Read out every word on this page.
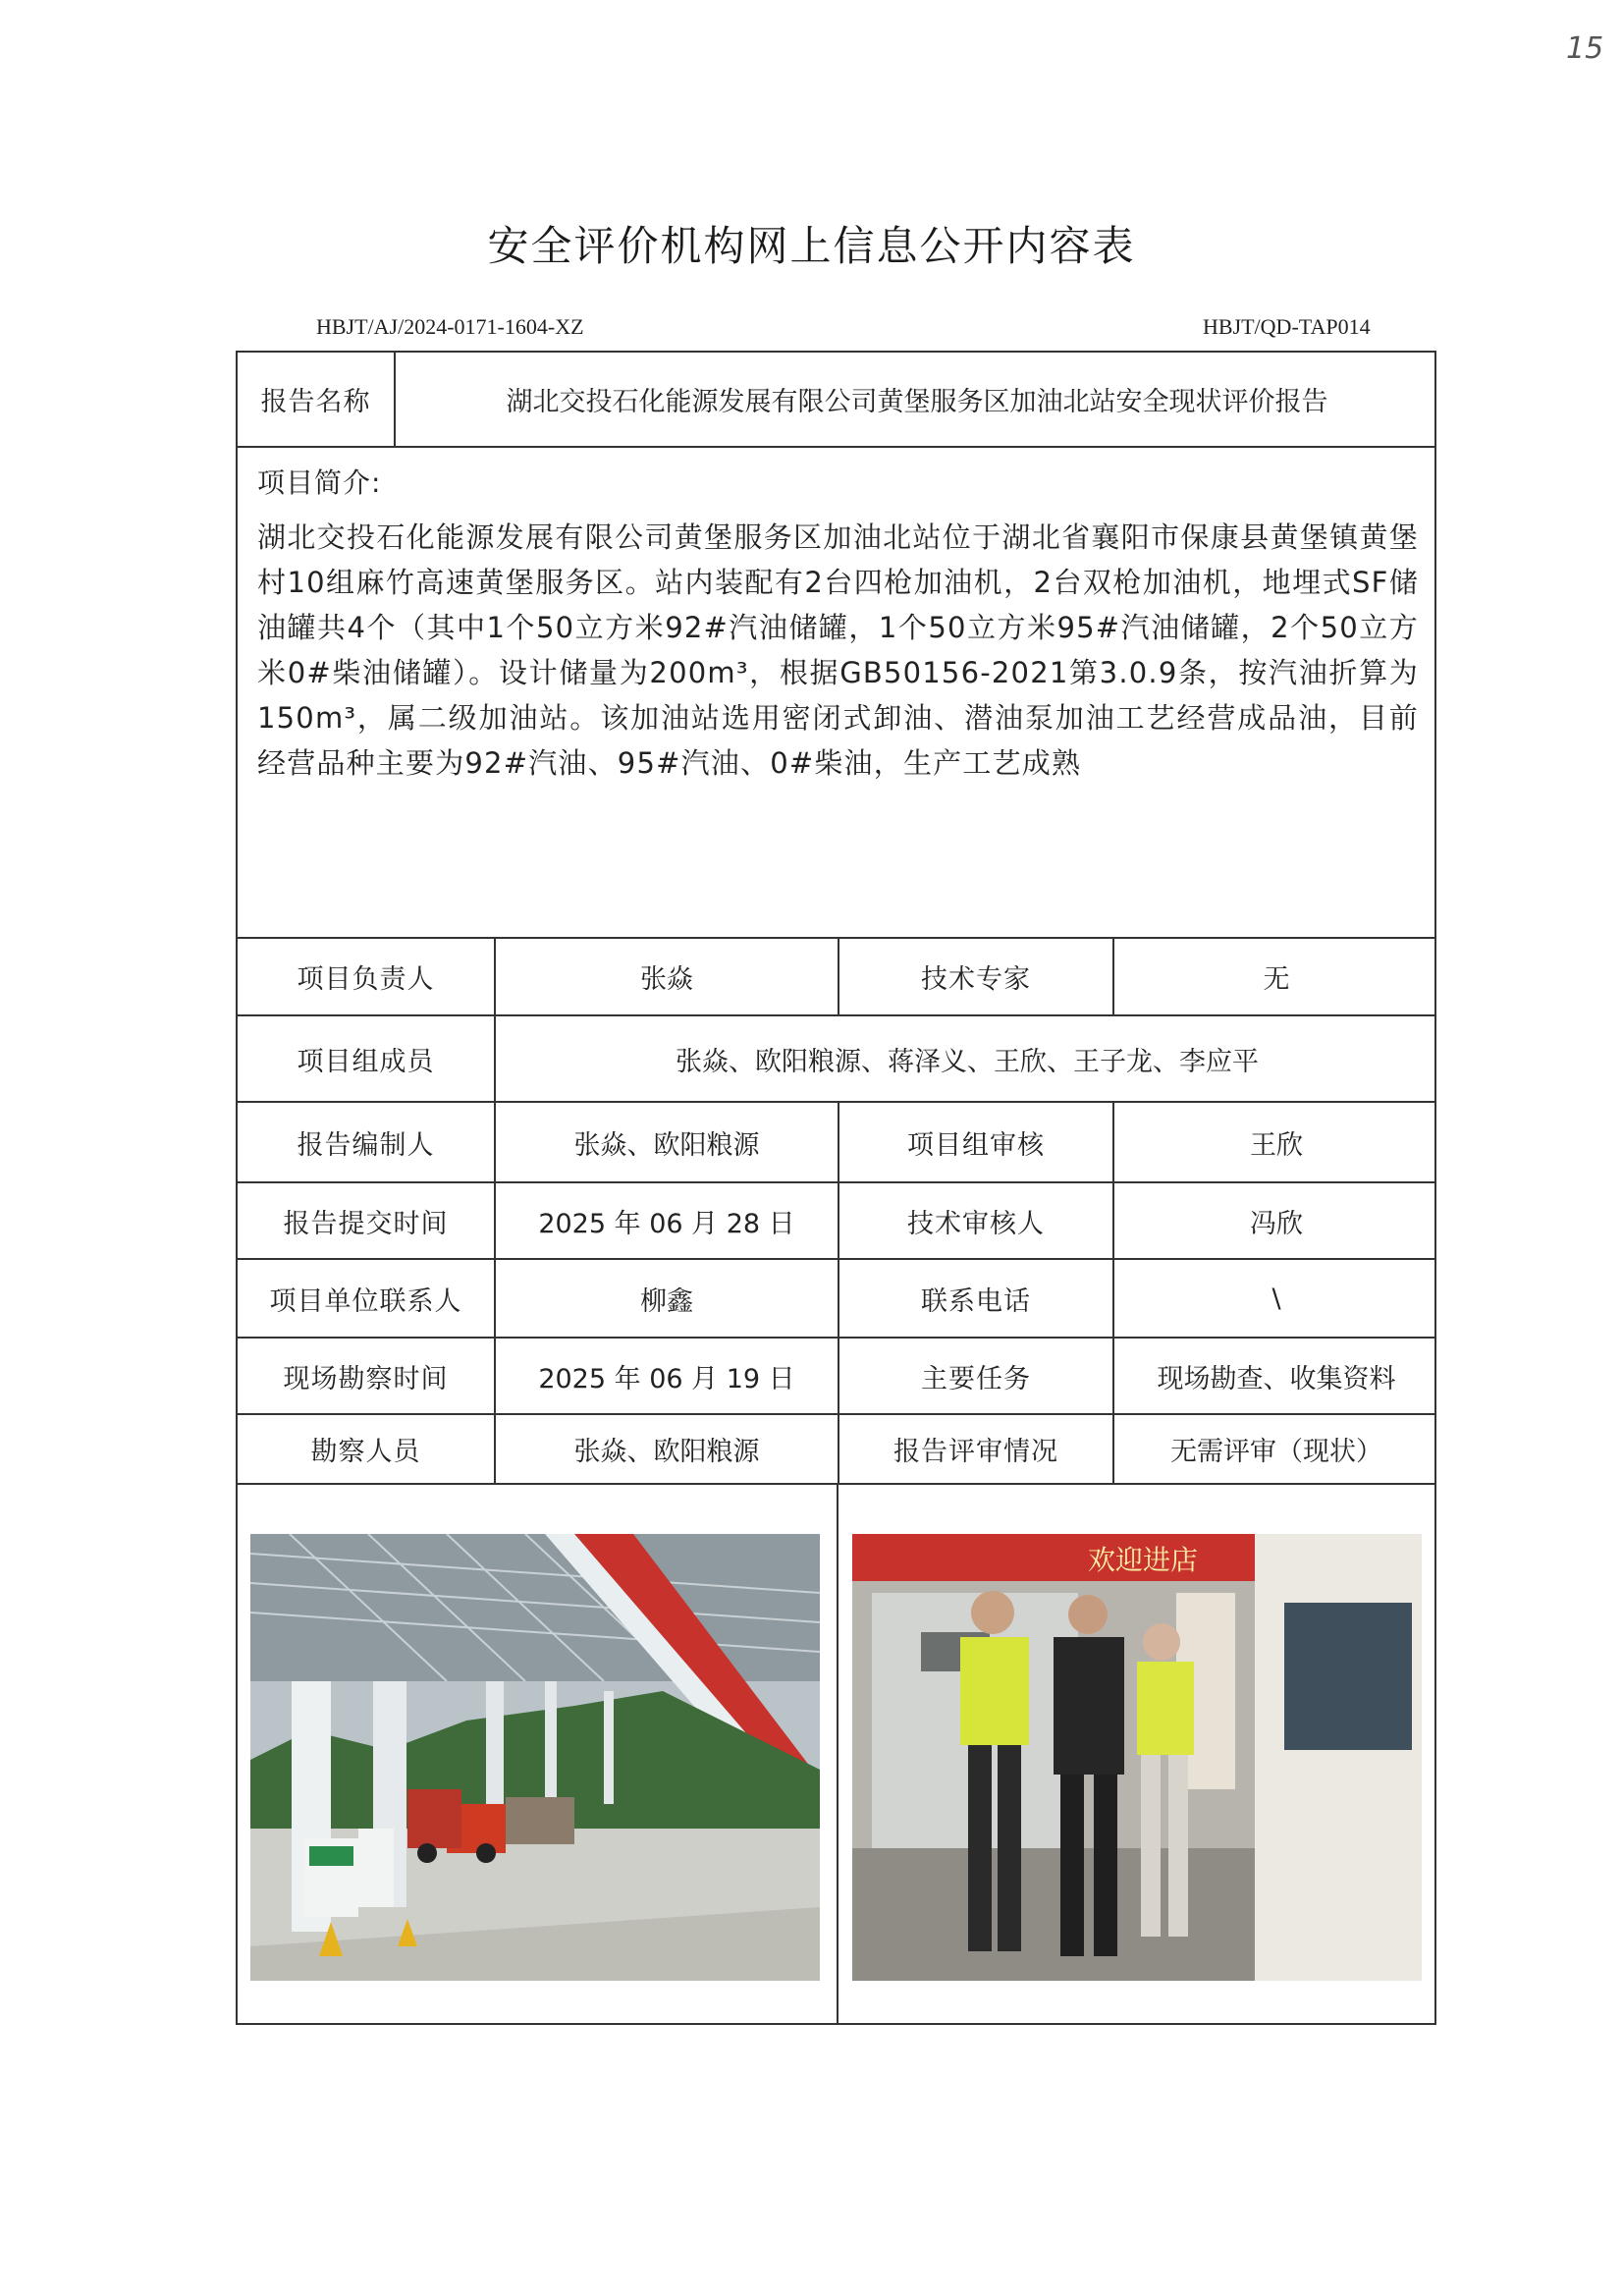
15
安全评价机构网上信息公开内容表
HBJT/AJ/2024-0171-1604-XZ	HBJT/QD-TAP014
报告名称	湖北交投石化能源发展有限公司黄堡服务区加油北站安全现状评价报告
项目简介:
湖北交投石化能源发展有限公司黄堡服务区加油北站位于湖北省襄阳市保康县黄堡镇黄堡村10组麻竹高速黄堡服务区。站内装配有2台四枪加油机，2台双枪加油机，地埋式SF储油罐共4个（其中1个50立方米92#汽油储罐，1个50立方米95#汽油储罐，2个50立方米0#柴油储罐）。设计储量为200m³，根据GB50156-2021第3.0.9条，按汽油折算为150m³，属二级加油站。该加油站选用密闭式卸油、潜油泵加油工艺经营成品油，目前经营品种主要为92#汽油、95#汽油、0#柴油，生产工艺成熟
项目负责人	张焱	技术专家	无
项目组成员	张焱、欧阳粮源、蒋泽义、王欣、王子龙、李应平
报告编制人	张焱、欧阳粮源	项目组审核	王欣
报告提交时间	2025 年 06 月 28 日	技术审核人	冯欣
项目单位联系人	柳鑫	联系电话	\
现场勘察时间	2025 年 06 月 19 日	主要任务	现场勘查、收集资料
勘察人员	张焱、欧阳粮源	报告评审情况	无需评审（现状）
欢迎进店
